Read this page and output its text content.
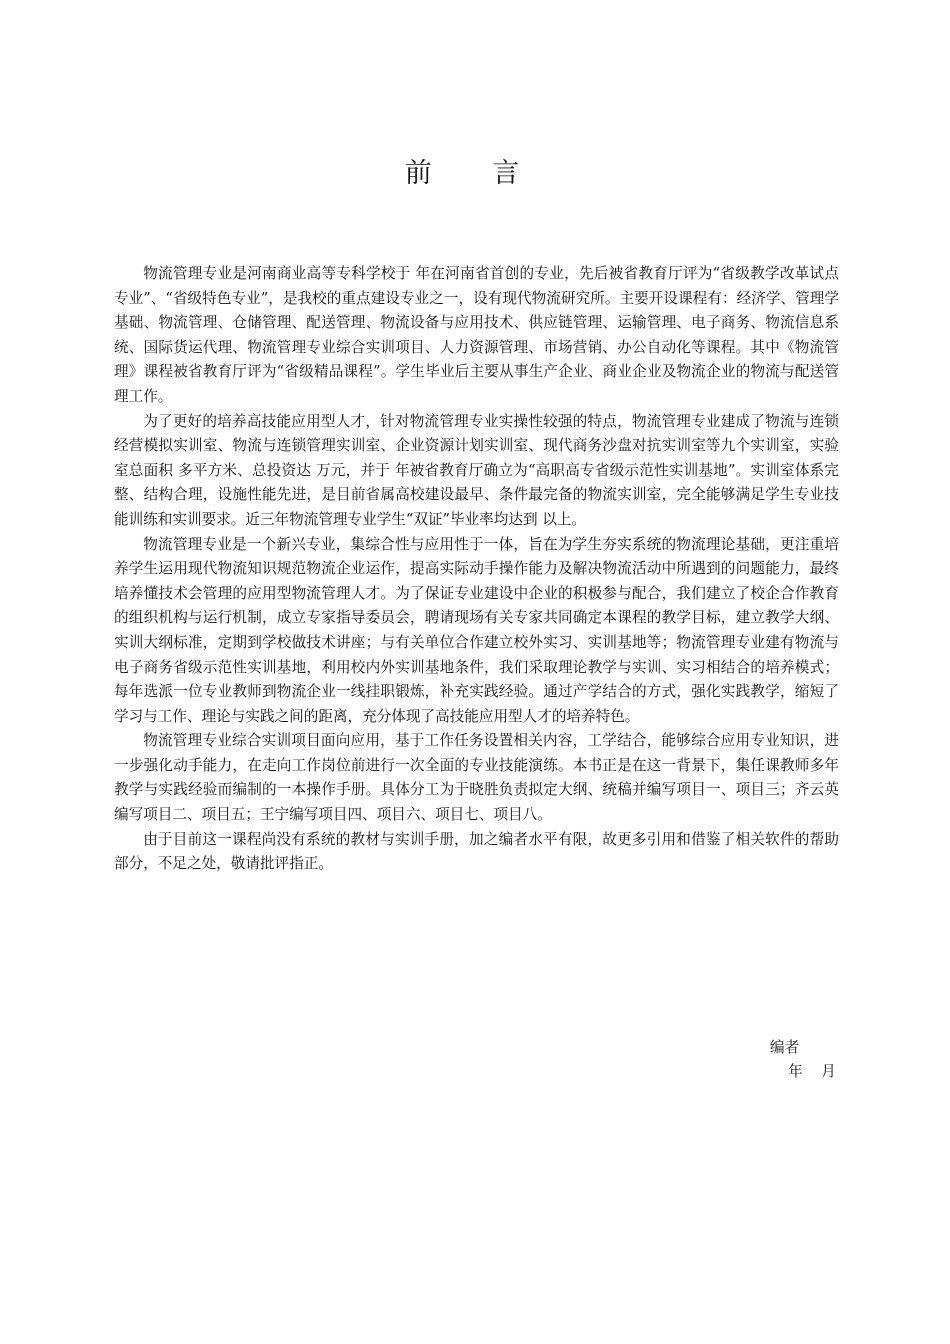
前 言

物流管理专业是河南商业高等专科学校于 年在河南省首创的专业，先后被省教育厅评为“省级教学改革试点专业”、“省级特色专业”，是我校的重点建设专业之一，设有现代物流研究所。主要开设课程有：经济学、管理学基础、物流管理、仓储管理、配送管理、物流设备与应用技术、供应链管理、运输管理、电子商务、物流信息系统、国际货运代理、物流管理专业综合实训项目、人力资源管理、市场营销、办公自动化等课程。其中《物流管理》课程被省教育厅评为“省级精品课程”。学生毕业后主要从事生产企业、商业企业及物流企业的物流与配送管理工作。

为了更好的培养高技能应用型人才，针对物流管理专业实操性较强的特点，物流管理专业建成了物流与连锁经营模拟实训室、物流与连锁管理实训室、企业资源计划实训室、现代商务沙盘对抗实训室等九个实训室，实验室总面积 多平方米、总投资达 万元，并于 年被省教育厅确立为“高职高专省级示范性实训基地”。实训室体系完整、结构合理，设施性能先进，是目前省属高校建设最早、条件最完备的物流实训室，完全能够满足学生专业技能训练和实训要求。近三年物流管理专业学生“双证”毕业率均达到 以上。

物流管理专业是一个新兴专业，集综合性与应用性于一体，旨在为学生夯实系统的物流理论基础，更注重培养学生运用现代物流知识规范物流企业运作，提高实际动手操作能力及解决物流活动中所遇到的问题能力，最终培养懂技术会管理的应用型物流管理人才。为了保证专业建设中企业的积极参与配合，我们建立了校企合作教育的组织机构与运行机制，成立专家指导委员会，聘请现场有关专家共同确定本课程的教学目标，建立教学大纲、实训大纲标准，定期到学校做技术讲座；与有关单位合作建立校外实习、实训基地等；物流管理专业建有物流与电子商务省级示范性实训基地，利用校内外实训基地条件，我们采取理论教学与实训、实习相结合的培养模式；每年选派一位专业教师到物流企业一线挂职锻炼，补充实践经验。通过产学结合的方式，强化实践教学，缩短了学习与工作、理论与实践之间的距离，充分体现了高技能应用型人才的培养特色。

物流管理专业综合实训项目面向应用，基于工作任务设置相关内容，工学结合，能够综合应用专业知识，进一步强化动手能力，在走向工作岗位前进行一次全面的专业技能演练。本书正是在这一背景下，集任课教师多年教学与实践经验而编制的一本操作手册。具体分工为于晓胜负责拟定大纲、统稿并编写项目一、项目三；齐云英编写项目二、项目五；王宁编写项目四、项目六、项目七、项目八。

由于目前这一课程尚没有系统的教材与实训手册，加之编者水平有限，故更多引用和借鉴了相关软件的帮助部分，不足之处，敬请批评指正。

编者
年 月
